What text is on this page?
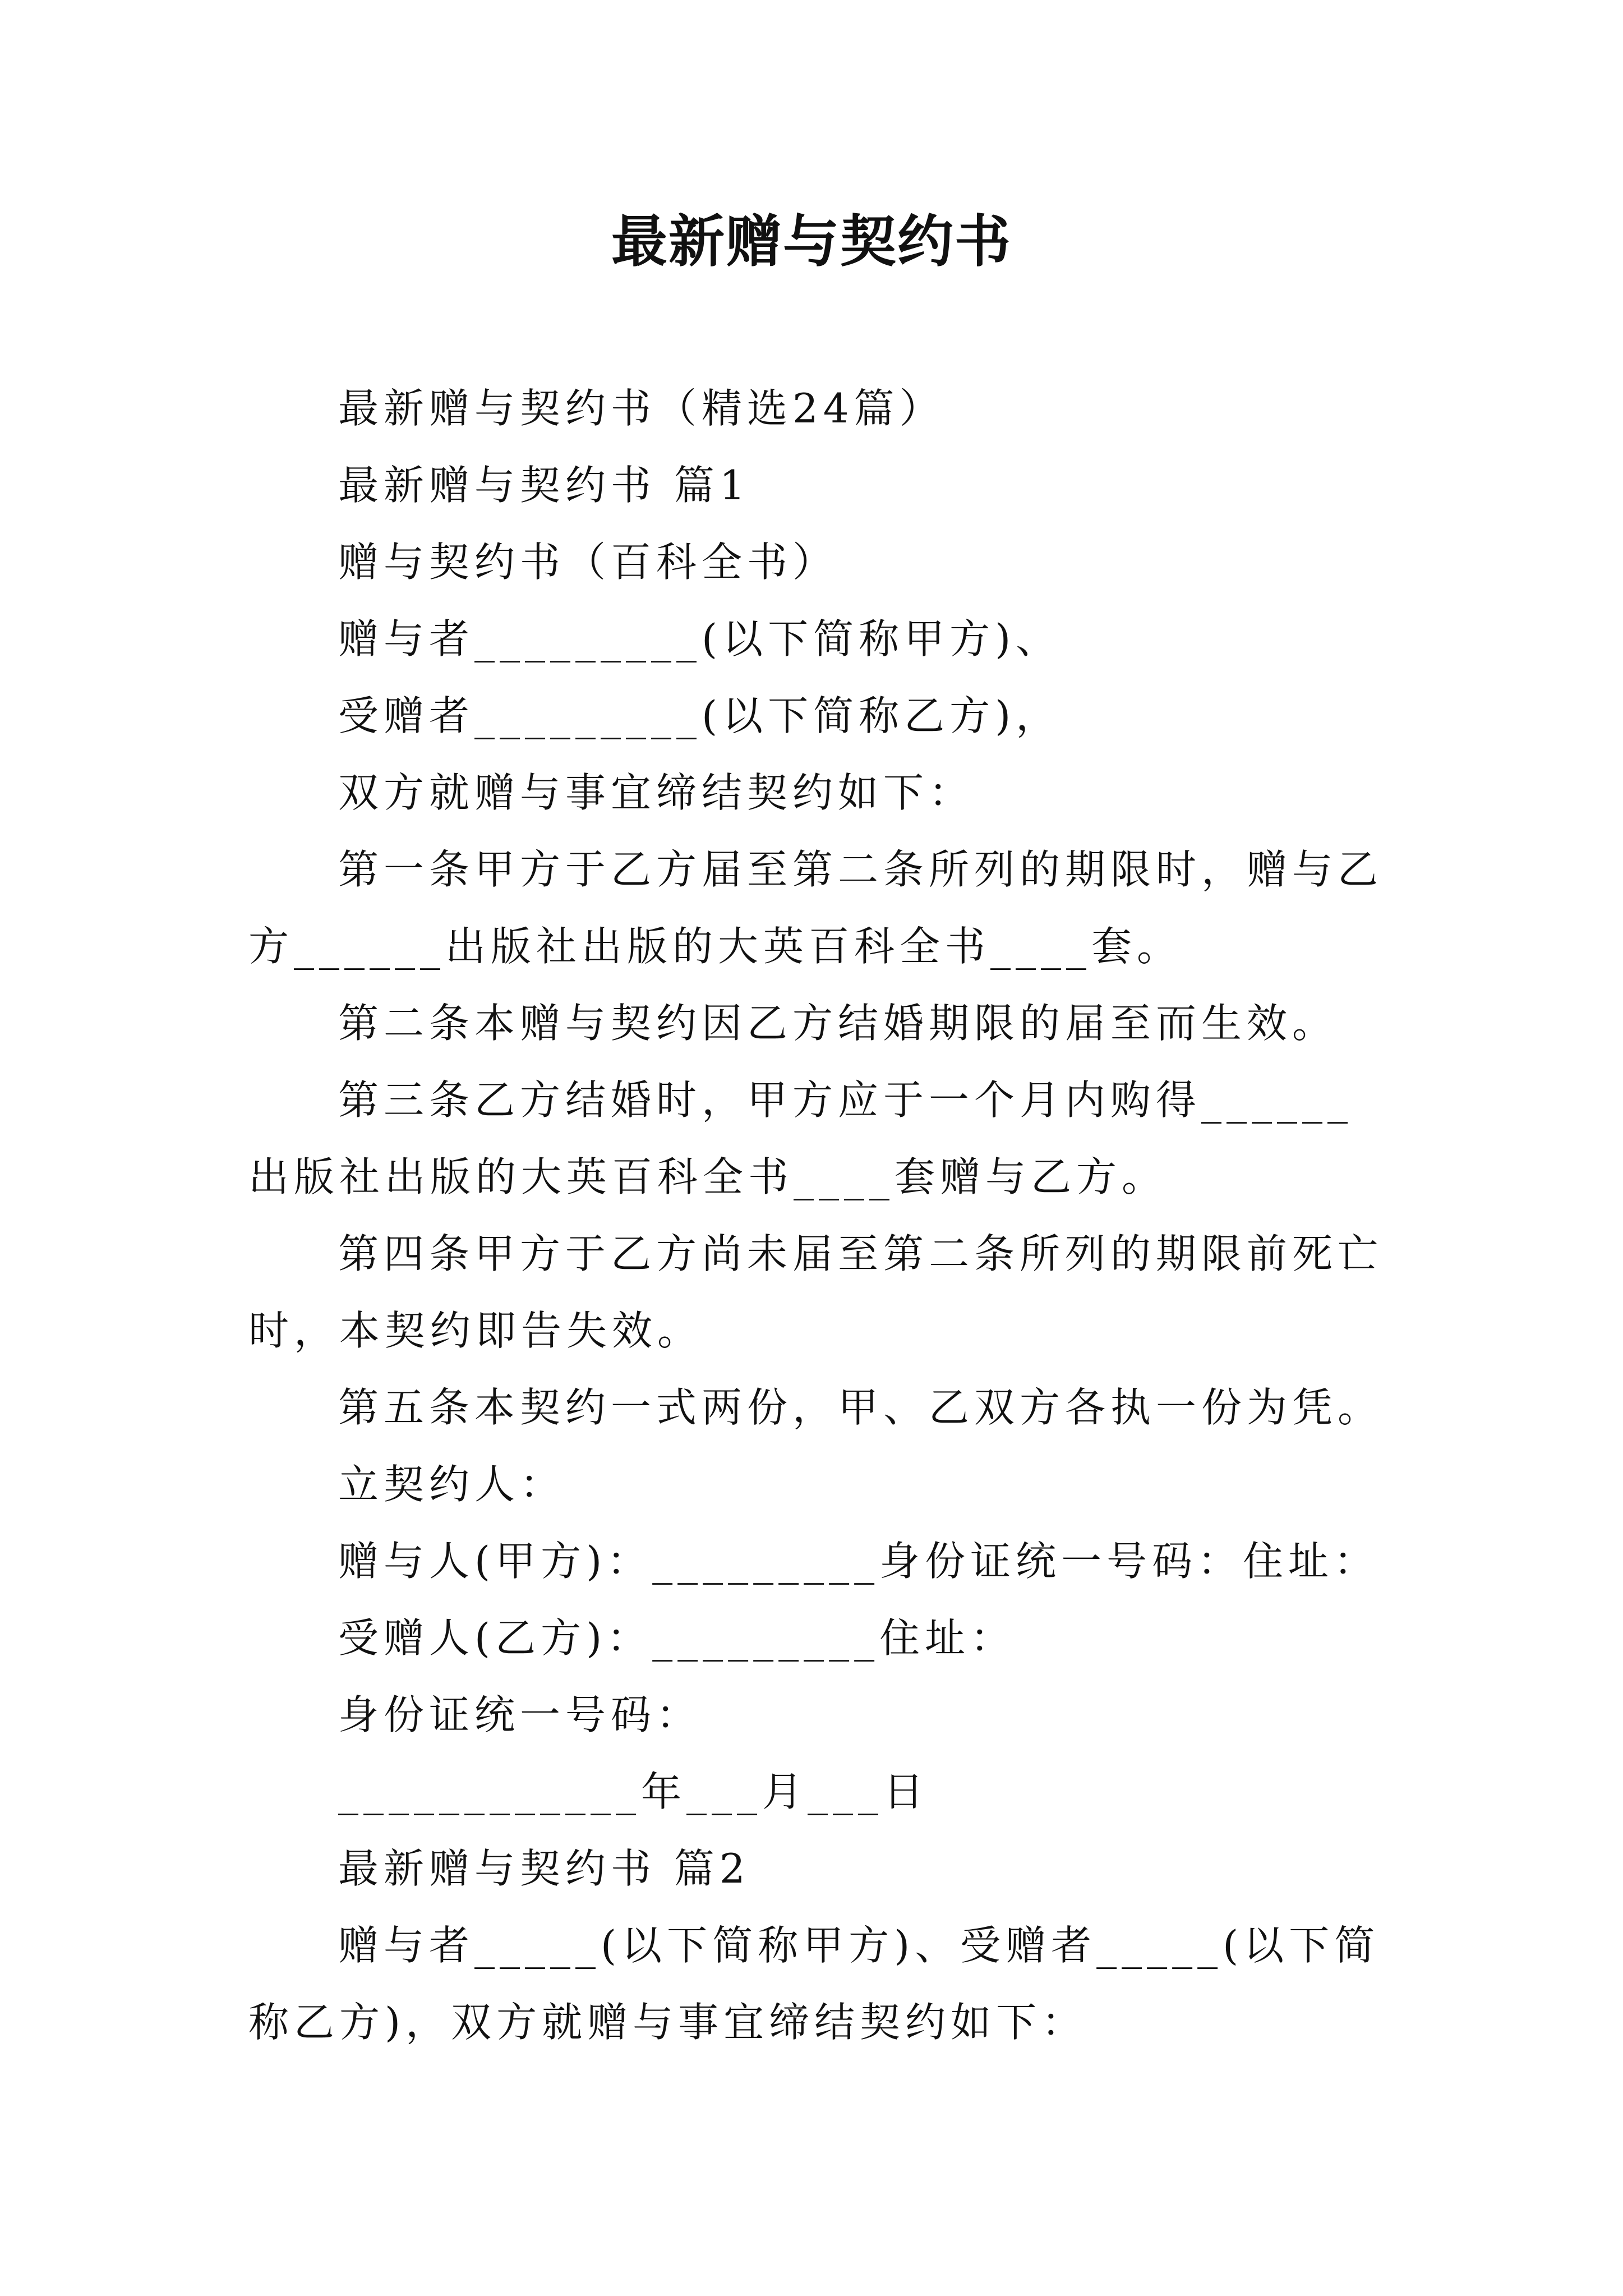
最新赠与契约书

最新赠与契约书（精选24篇）

最新赠与契约书 篇1

赠与契约书（百科全书）

赠与者_________(以下简称甲方)、

受赠者_________(以下简称乙方)，

双方就赠与事宜缔结契约如下：

第一条甲方于乙方届至第二条所列的期限时，赠与乙方______出版社出版的大英百科全书____套。

第二条本赠与契约因乙方结婚期限的届至而生效。

第三条乙方结婚时，甲方应于一个月内购得______出版社出版的大英百科全书____套赠与乙方。

第四条甲方于乙方尚未届至第二条所列的期限前死亡时，本契约即告失效。

第五条本契约一式两份，甲、乙双方各执一份为凭。

立契约人：

赠与人(甲方)：_________身份证统一号码：住址：

受赠人(乙方)：_________住址：

身份证统一号码：

____________年___月___日

最新赠与契约书 篇2

赠与者_____(以下简称甲方)、受赠者_____(以下简称乙方)，双方就赠与事宜缔结契约如下：
